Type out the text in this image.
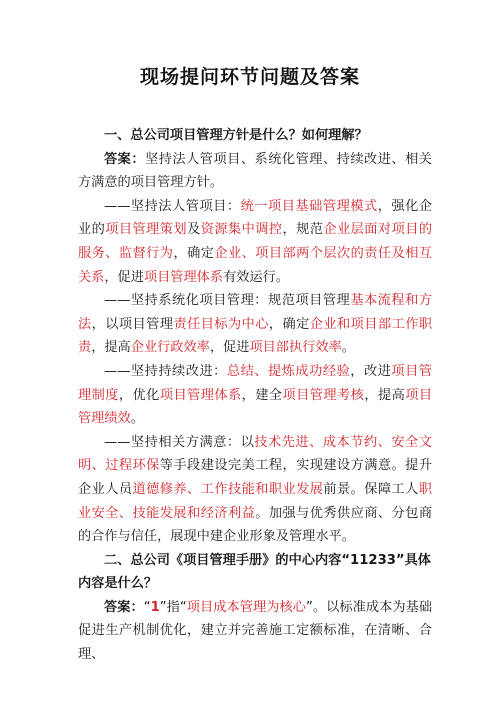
现场提问环节问题及答案

一、总公司项目管理方针是什么？如何理解？

答案：坚持法人管项目、系统化管理、持续改进、相关方满意的项目管理方针。

——坚持法人管项目：统一项目基础管理模式，强化企业的项目管理策划及资源集中调控，规范企业层面对项目的服务、监督行为，确定企业、项目部两个层次的责任及相互关系，促进项目管理体系有效运行。

——坚持系统化项目管理：规范项目管理基本流程和方法，以项目管理责任目标为中心，确定企业和项目部工作职责，提高企业行政效率，促进项目部执行效率。

——坚持持续改进：总结、提炼成功经验，改进项目管理制度，优化项目管理体系，建全项目管理考核，提高项目管理绩效。

——坚持相关方满意：以技术先进、成本节约、安全文明、过程环保等手段建设完美工程，实现建设方满意。提升企业人员道德修养、工作技能和职业发展前景。保障工人职业安全、技能发展和经济利益。加强与优秀供应商、分包商的合作与信任，展现中建企业形象及管理水平。

二、总公司《项目管理手册》的中心内容“11233”具体内容是什么？

答案：“1”指“项目成本管理为核心”。以标准成本为基础促进生产机制优化，建立并完善施工定额标准，在清晰、合理、
